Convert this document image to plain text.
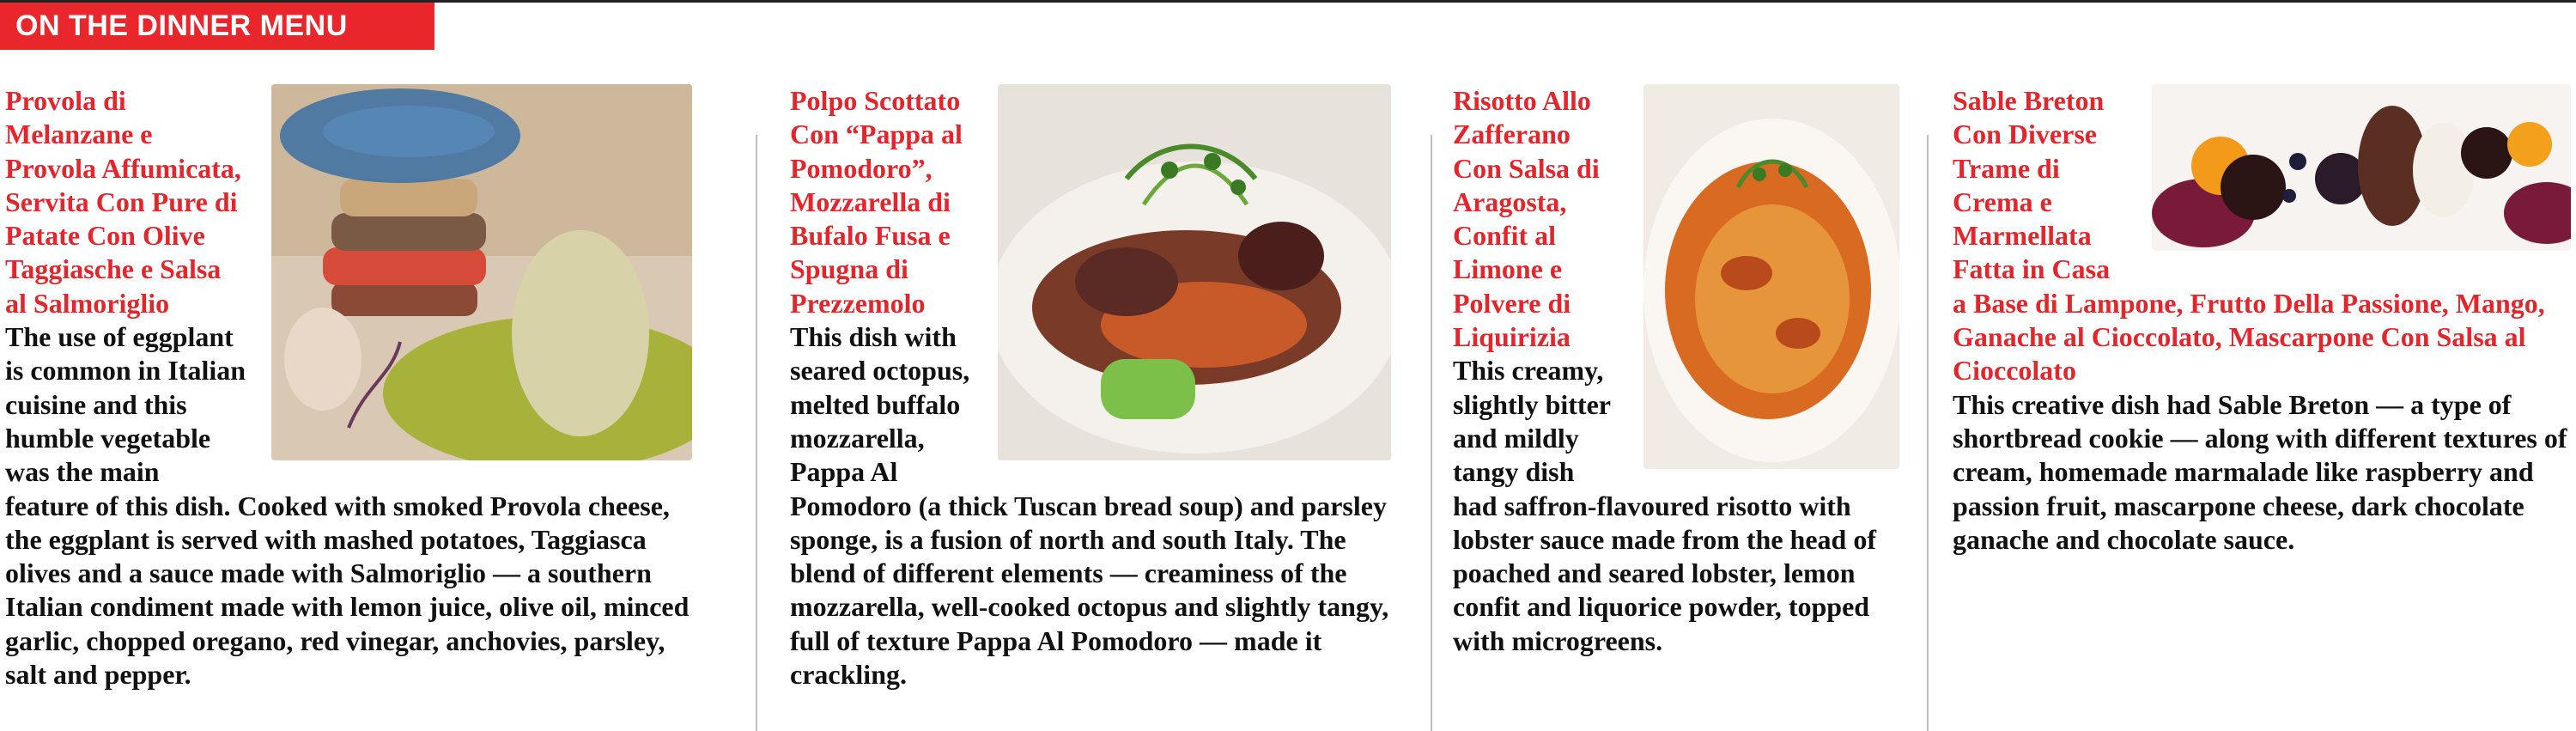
ON THE DINNER MENU
Provola di Melanzane e Provola Affumicata, Servita Con Pure di Patate Con Olive Taggiasche e Salsa al Salmoriglio
The use of eggplant is common in Italian cuisine and this humble vegetable was the main feature of this dish. Cooked with smoked Provola cheese, the eggplant is served with mashed potatoes, Taggiasca olives and a sauce made with Salmoriglio — a southern Italian condiment made with lemon juice, olive oil, minced garlic, chopped oregano, red vinegar, anchovies, parsley, salt and pepper.
Polpo Scottato Con “Pappa al Pomodoro”, Mozzarella di Bufalo Fusa e Spugna di Prezzemolo
This dish with seared octopus, melted buffalo mozzarella, Pappa Al Pomodoro (a thick Tuscan bread soup) and parsley sponge, is a fusion of north and south Italy. The blend of different elements — creaminess of the mozzarella, well-cooked octopus and slightly tangy, full of texture Pappa Al Pomodoro — made it crackling.
Risotto Allo Zafferano Con Salsa di Aragosta, Confit al Limone e Polvere di Liquirizia
This creamy, slightly bitter and mildly tangy dish had saffron-flavoured risotto with lobster sauce made from the head of poached and seared lobster, lemon confit and liquorice powder, topped with microgreens.
Sable Breton Con Diverse Trame di Crema e Marmellata Fatta in Casa a Base di Lampone, Frutto Della Passione, Mango, Ganache al Cioccolato, Mascarpone Con Salsa al Cioccolato
This creative dish had Sable Breton — a type of shortbread cookie — along with different textures of cream, homemade marmalade like raspberry and passion fruit, mascarpone cheese, dark chocolate ganache and chocolate sauce.
